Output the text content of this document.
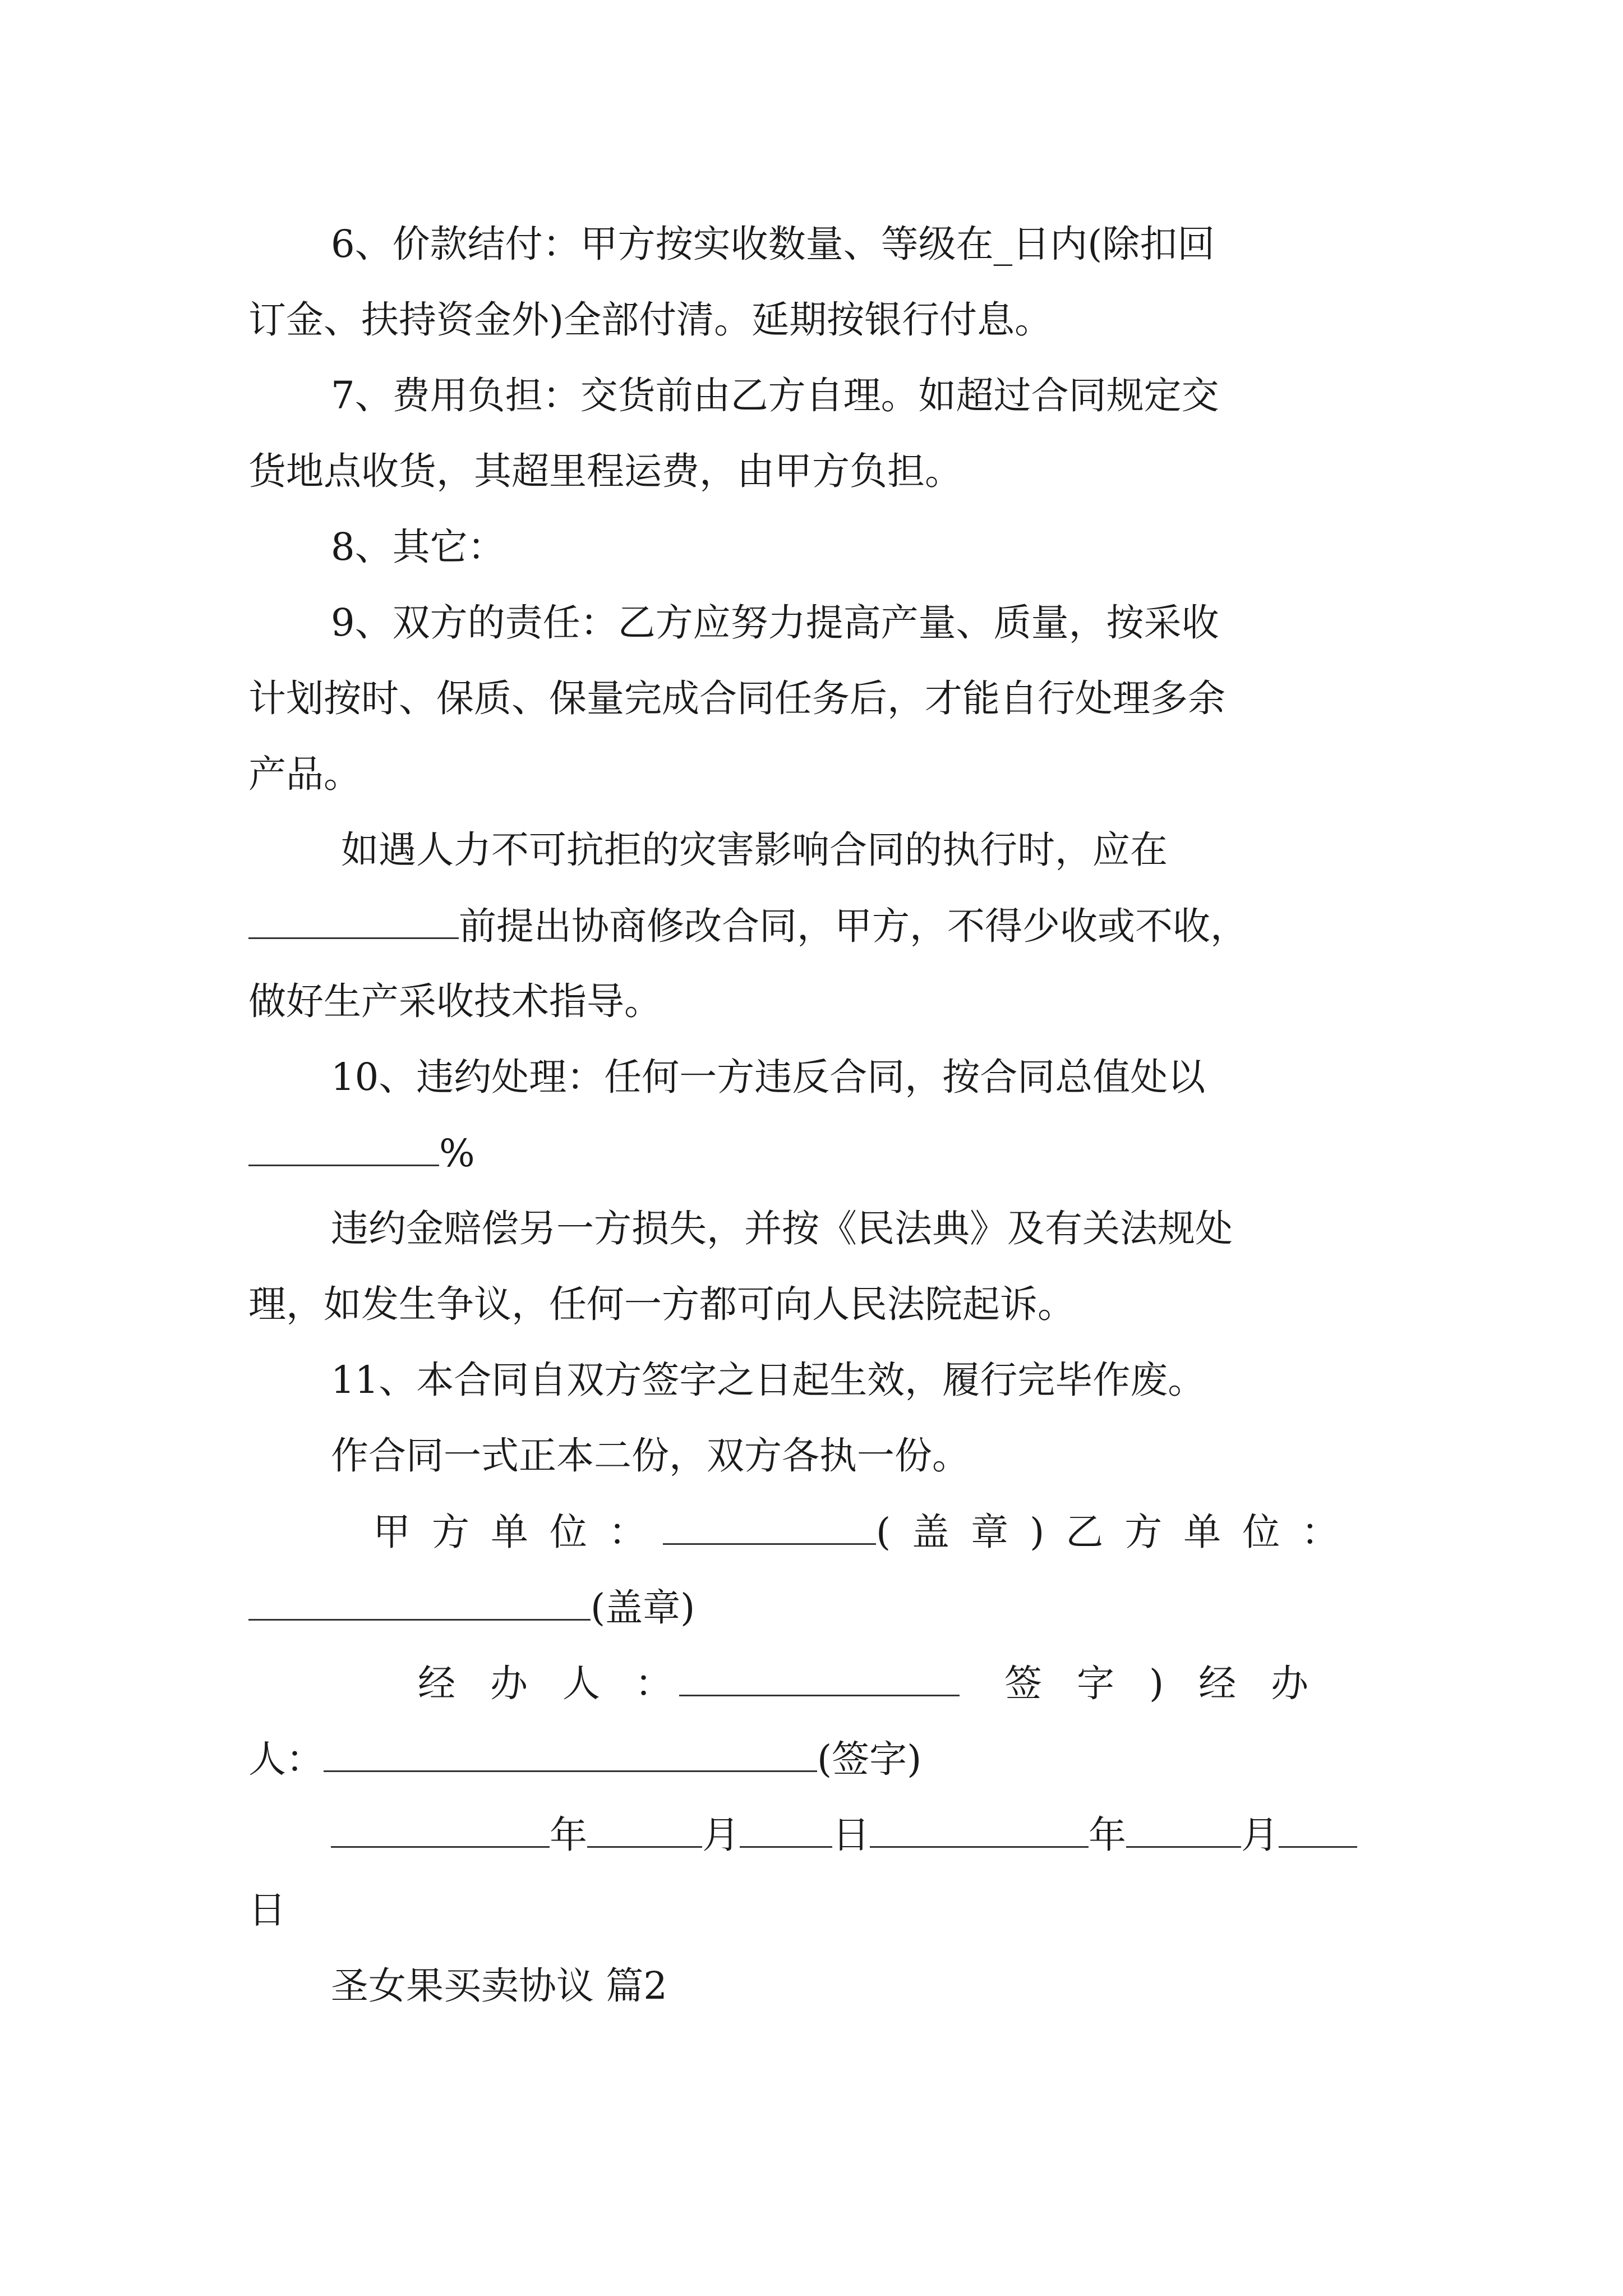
6、价款结付：甲方按实收数量、等级在_日内(除扣回
订金、扶持资金外)全部付清。延期按银行付息。
7、费用负担：交货前由乙方自理。如超过合同规定交
货地点收货，其超里程运费，由甲方负担。
8、其它：
9、双方的责任：乙方应努力提高产量、质量，按采收
计划按时、保质、保量完成合同任务后，才能自行处理多余
产品。
如遇人力不可抗拒的灾害影响合同的执行时，应在
前提出协商修改合同，甲方，不得少收或不收，
做好生产采收技术指导。
10、违约处理：任何一方违反合同，按合同总值处以
%
违约金赔偿另一方损失，并按《民法典》及有关法规处
理，如发生争议，任何一方都可向人民法院起诉。
11、本合同自双方签字之日起生效，履行完毕作废。
作合同一式正本二份，双方各执一份。
甲方单位：	(盖章)乙方单位：
(盖章)
经办人：	签字)经办
人：	(签字)
年	月 日	年	月
日
圣女果买卖协议 篇2
